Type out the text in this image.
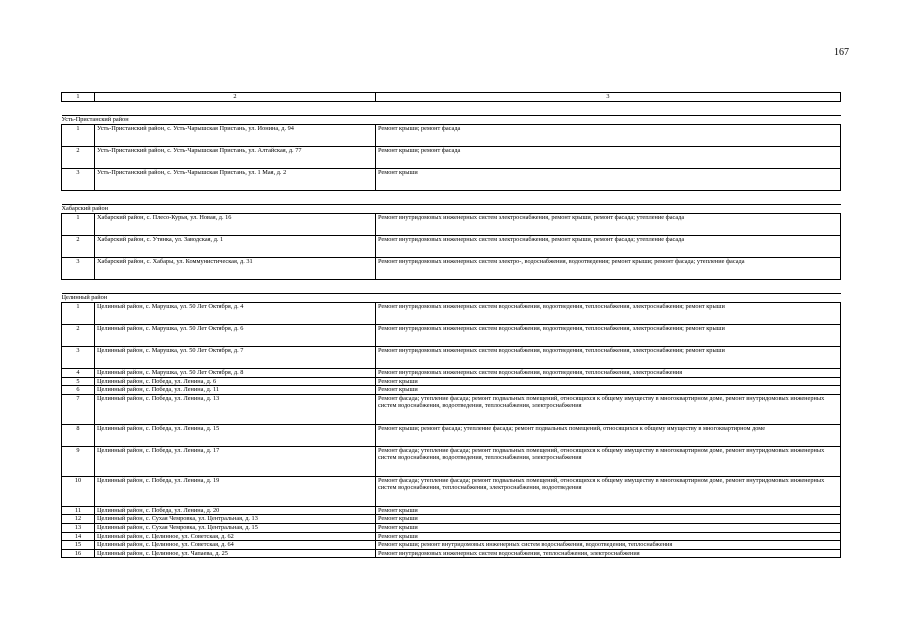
167
1	2	3

Усть-Пристанский район		
1	Усть-Пристанский район, с. Усть-Чарышская Пристань, ул. Ионина, д. 94	Ремонт крыши; ремонт фасада
2	Усть-Пристанский район, с. Усть-Чарышская Пристань, ул. Алтайская, д. 77	Ремонт крыши; ремонт фасада
3	Усть-Пристанский район, с. Усть-Чарышская Пристань, ул. 1 Мая, д. 2	Ремонт крыши

Хабарский район		
1	Хабарский район, с. Плесо-Курья, ул. Новая, д. 16	Ремонт внутридомовых инженерных систем электроснабжения, ремонт крыши, ремонт фасада; утепление фасада
2	Хабарский район, с. Утянка, ул. Заводская, д. 1	Ремонт внутридомовых инженерных систем электроснабжения, ремонт крыши, ремонт фасада; утепление фасада
3	Хабарский район, с. Хабары, ул. Коммунистическая, д. 31	Ремонт внутридомовых инженерных систем электро-, водоснабжения, водоотведения; ремонт крыши; ремонт фасада; утепление фасада

Целинный район		
1	Целинный район, с. Марушка, ул. 50 Лет Октября, д. 4	Ремонт внутридомовых инженерных систем водоснабжения, водоотведения, теплоснабжения, электроснабжения; ремонт крыши
2	Целинный район, с. Марушка, ул. 50 Лет Октября, д. 6	Ремонт внутридомовых инженерных систем водоснабжения, водоотведения, теплоснабжения, электроснабжения; ремонт крыши
3	Целинный район, с. Марушка, ул. 50 Лет Октября, д. 7	Ремонт внутридомовых инженерных систем водоснабжения, водоотведения, теплоснабжения, электроснабжения; ремонт крыши
4	Целинный район, с. Марушка, ул. 50 Лет Октября, д. 8	Ремонт внутридомовых инженерных систем водоснабжения, водоотведения, теплоснабжения, электроснабжения
5	Целинный район, с. Победа, ул. Ленина, д. 6	Ремонт крыши
6	Целинный район, с. Победа, ул. Ленина, д. 11	Ремонт крыши
7	Целинный район, с. Победа, ул. Ленина, д. 13	Ремонт фасада; утепление фасада; ремонт подвальных помещений, относящихся к общему имуществу в многоквартирном доме, ремонт внутридомовых инженерных систем водоснабжения, водоотведения, теплоснабжения, электроснабжения
8	Целинный район, с. Победа, ул. Ленина, д. 15	Ремонт крыши; ремонт фасада; утепление фасада; ремонт подвальных помещений, относящихся к общему имуществу в многоквартирном доме
9	Целинный район, с. Победа, ул. Ленина, д. 17	Ремонт фасада; утепление фасада; ремонт подвальных помещений, относящихся к общему имуществу в многоквартирном доме, ремонт внутридомовых инженерных систем водоснабжения, водоотведения, теплоснабжения, электроснабжения
10	Целинный район, с. Победа, ул. Ленина, д. 19	Ремонт фасада; утепление фасада; ремонт подвальных помещений, относящихся к общему имуществу в многоквартирном доме, ремонт внутридомовых инженерных систем водоснабжения, теплоснабжения, электроснабжения, водоотведения
11	Целинный район, с. Победа, ул. Ленина, д. 20	Ремонт крыши
12	Целинный район, с. Сухая Чемровка, ул. Центральная, д. 13	Ремонт крыши
13	Целинный район, с. Сухая Чемровка, ул. Центральная, д. 15	Ремонт крыши
14	Целинный район, с. Целинное, ул. Советская, д. 62	Ремонт крыши
15	Целинный район, с. Целинное, ул. Советская, д. 64	Ремонт крыши; ремонт внутридомовых инженерных систем водоснабжения, водоотведения, теплоснабжения
16	Целинный район, с. Целинное, ул. Чапаева, д. 25	Ремонт внутридомовых инженерных систем водоснабжения, теплоснабжения, электроснабжения
